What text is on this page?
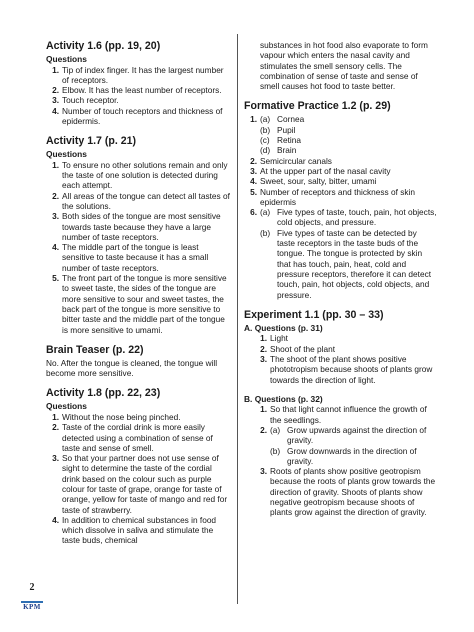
Activity 1.6 (pp. 19, 20)
Questions
1. Tip of index finger. It has the largest number of receptors.
2. Elbow. It has the least number of receptors.
3. Touch receptor.
4. Number of touch receptors and thickness of epidermis.
Activity 1.7 (p. 21)
Questions
1. To ensure no other solutions remain and only the taste of one solution is detected during each attempt.
2. All areas of the tongue can detect all tastes of the solutions.
3. Both sides of the tongue are most sensitive towards taste because they have a large number of taste receptors.
4. The middle part of the tongue is least sensitive to taste because it has a small number of taste receptors.
5. The front part of the tongue is more sensitive to sweet taste, the sides of the tongue are more sensitive to sour and sweet tastes, the back part of the tongue is more sensitive to bitter taste and the middle part of the tongue is more sensitive to umami.
Brain Teaser (p. 22)

No. After the tongue is cleaned, the tongue will become more sensitive.

Activity 1.8 (pp. 22, 23)
Questions
1. Without the nose being pinched.
2. Taste of the cordial drink is more easily detected using a combination of sense of taste and sense of smell.
3. So that your partner does not use sense of sight to determine the taste of the cordial drink based on the colour such as purple colour for taste of grape, orange for taste of orange, yellow for taste of mango and red for taste of strawberry.
4. In addition to chemical substances in food which dissolve in saliva and stimulate the taste buds, chemical

substances in hot food also evaporate to form vapour which enters the nasal cavity and stimulates the smell sensory cells. The combination of sense of taste and sense of smell causes hot food to taste better.

Formative Practice 1.2 (p. 29)
1. (a) Cornea
(b) Pupil
(c) Retina
(d) Brain
2. Semicircular canals
3. At the upper part of the nasal cavity
4. Sweet, sour, salty, bitter, umami
5. Number of receptors and thickness of skin epidermis
6. (a) Five types of taste, touch, pain, hot objects, cold objects, and pressure.
(b) Five types of taste can be detected by taste receptors in the taste buds of the tongue. The tongue is protected by skin that has touch, pain, heat, cold and pressure receptors, therefore it can detect touch, pain, hot objects, cold objects, and pressure.
Experiment 1.1 (pp. 30 – 33)
A. Questions (p. 31)
1. Light
2. Shoot of the plant
3. The shoot of the plant shows positive phototropism because shoots of plants grow towards the direction of light.
B. Questions (p. 32)
1. So that light cannot influence the growth of the seedlings.
2. (a) Grow upwards against the direction of gravity.
(b) Grow downwards in the direction of gravity.
3. Roots of plants show positive geotropism because the roots of plants grow towards the direction of gravity. Shoots of plants show negative geotropism because shoots of plants grow against the direction of gravity.
2
KPM
